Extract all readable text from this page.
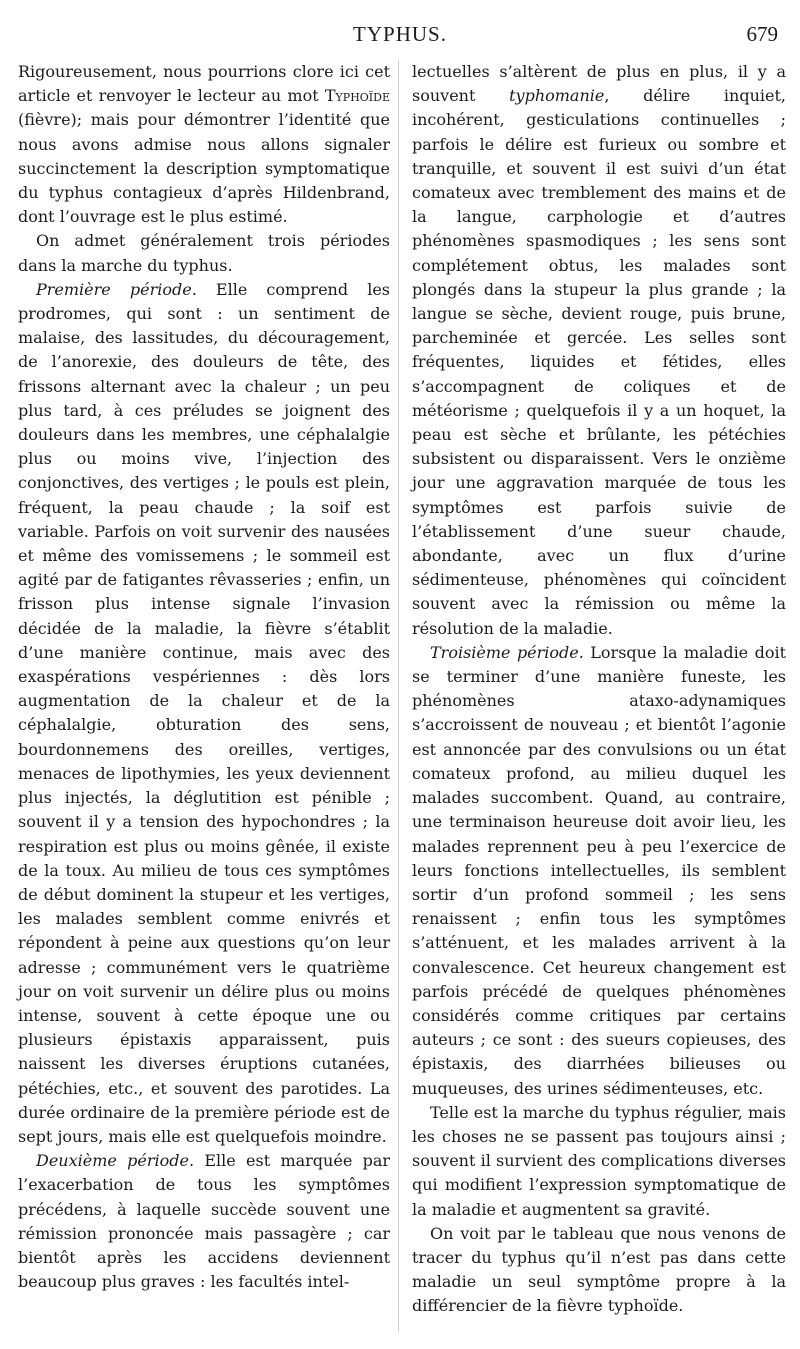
TYPHUS.	679

Rigoureusement, nous pourrions clore ici cet article et renvoyer le lecteur au mot Typhoïde (fièvre); mais pour démontrer l’identité que nous avons admise nous allons signaler succinctement la description symptomatique du typhus contagieux d’après Hildenbrand, dont l’ouvrage est le plus estimé.

On admet généralement trois périodes dans la marche du typhus.

Première période. Elle comprend les prodromes, qui sont : un sentiment de malaise, des lassitudes, du découragement, de l’anorexie, des douleurs de tête, des frissons alternant avec la chaleur ; un peu plus tard, à ces préludes se joignent des douleurs dans les membres, une céphalalgie plus ou moins vive, l’injection des conjonctives, des vertiges ; le pouls est plein, fréquent, la peau chaude ; la soif est variable. Parfois on voit survenir des nausées et même des vomissemens ; le sommeil est agité par de fatigantes rêvasseries ; enfin, un frisson plus intense signale l’invasion décidée de la maladie, la fièvre s’établit d’une manière continue, mais avec des exaspérations vespériennes : dès lors augmentation de la chaleur et de la céphalalgie, obturation des sens, bourdonnemens des oreilles, vertiges, menaces de lipothymies, les yeux deviennent plus injectés, la déglutition est pénible ; souvent il y a tension des hypochondres ; la respiration est plus ou moins gênée, il existe de la toux. Au milieu de tous ces symptômes de début dominent la stupeur et les vertiges, les malades semblent comme enivrés et répondent à peine aux questions qu’on leur adresse ; communément vers le quatrième jour on voit survenir un délire plus ou moins intense, souvent à cette époque une ou plusieurs épistaxis apparaissent, puis naissent les diverses éruptions cutanées, pétéchies, etc., et souvent des parotides. La durée ordinaire de la première période est de sept jours, mais elle est quelquefois moindre.

Deuxième période. Elle est marquée par l’exacerbation de tous les symptômes précédens, à laquelle succède souvent une rémission prononcée mais passagère ; car bientôt après les accidens deviennent beaucoup plus graves : les facultés intel-

lectuelles s’altèrent de plus en plus, il y a souvent typhomanie, délire inquiet, incohérent, gesticulations continuelles ; parfois le délire est furieux ou sombre et tranquille, et souvent il est suivi d’un état comateux avec tremblement des mains et de la langue, carphologie et d’autres phénomènes spasmodiques ; les sens sont complétement obtus, les malades sont plongés dans la stupeur la plus grande ; la langue se sèche, devient rouge, puis brune, parcheminée et gercée. Les selles sont fréquentes, liquides et fétides, elles s’accompagnent de coliques et de météorisme ; quelquefois il y a un hoquet, la peau est sèche et brûlante, les pétéchies subsistent ou disparaissent. Vers le onzième jour une aggravation marquée de tous les symptômes est parfois suivie de l’établissement d’une sueur chaude, abondante, avec un flux d’urine sédimenteuse, phénomènes qui coïncident souvent avec la rémission ou même la résolution de la maladie.

Troisième période. Lorsque la maladie doit se terminer d’une manière funeste, les phénomènes ataxo-adynamiques s’accroissent de nouveau ; et bientôt l’agonie est annoncée par des convulsions ou un état comateux profond, au milieu duquel les malades succombent. Quand, au contraire, une terminaison heureuse doit avoir lieu, les malades reprennent peu à peu l’exercice de leurs fonctions intellectuelles, ils semblent sortir d’un profond sommeil ; les sens renaissent ; enfin tous les symptômes s’atténuent, et les malades arrivent à la convalescence. Cet heureux changement est parfois précédé de quelques phénomènes considérés comme critiques par certains auteurs ; ce sont : des sueurs copieuses, des épistaxis, des diarrhées bilieuses ou muqueuses, des urines sédimenteuses, etc.

Telle est la marche du typhus régulier, mais les choses ne se passent pas toujours ainsi ; souvent il survient des complications diverses qui modifient l’expression symptomatique de la maladie et augmentent sa gravité.

On voit par le tableau que nous venons de tracer du typhus qu’il n’est pas dans cette maladie un seul symptôme propre à la différencier de la fièvre typhoïde.
